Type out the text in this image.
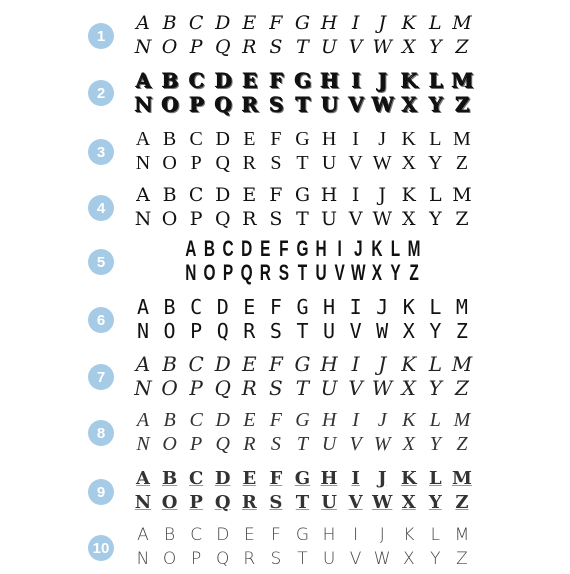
1
A B C D E F G H I	J K L M
N O P Q R S T U V W X Y Z
2
A B C D E F G H I J K L M
N O P Q R S T U V W X Y Z
3
A B C D E F G H I J K L M
N O P Q R S T U V W X Y Z
4
A B C D E F G H I	J K L M
N O P Q R S T U V W X Y Z
5
A B C D E F G H I J K L M
N O P Q R S T U V W X Y Z
6
A B C D E F G H I J K L M
N O P Q R S T U V W X Y Z
7
A B C D E F G H I J K L M
N O P Q R S T U V W X Y Z
8
A B C D E F G H I J K L M
N O P Q R S T U V W X Y Z
9
A B C D E F G H I	J K L M
N O P Q R S T U V W X Y Z
10
A B C D E F G H	I	J	K L M
N O P Q R S T U V W X Y Z
